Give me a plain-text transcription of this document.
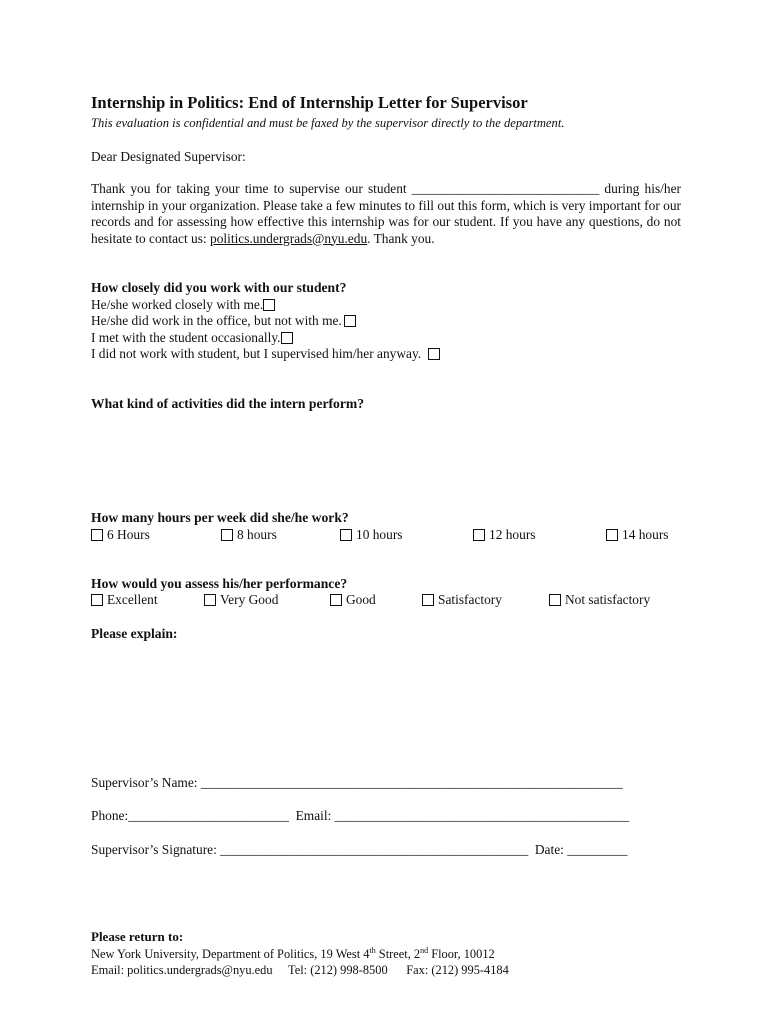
Internship in Politics: End of Internship Letter for Supervisor
This evaluation is confidential and must be faxed by the supervisor directly to the department.
Dear Designated Supervisor:
Thank you for taking your time to supervise our student ____________________________ during his/her internship in your organization. Please take a few minutes to fill out this form, which is very important for our records and for assessing how effective this internship was for our student. If you have any questions, do not hesitate to contact us: politics.undergrads@nyu.edu. Thank you.
How closely did you work with our student?
He/she worked closely with me.
He/she did work in the office, but not with me.
I met with the student occasionally.
I did not work with student, but I supervised him/her anyway.
What kind of activities did the intern perform?
How many hours per week did she/he work?
6 Hours	8 hours	10 hours	12 hours	14 hours
How would you assess his/her performance?
Excellent	Very Good	Good	Satisfactory	Not satisfactory
Please explain:
Supervisor’s Name: _______________________________________________________________
Phone:________________________ Email: ____________________________________________
Supervisor’s Signature: ______________________________________________ Date: _________
Please return to:
New York University, Department of Politics, 19 West 4th Street, 2nd Floor, 10012
Email: politics.undergrads@nyu.edu Tel: (212) 998-8500 Fax: (212) 995-4184
